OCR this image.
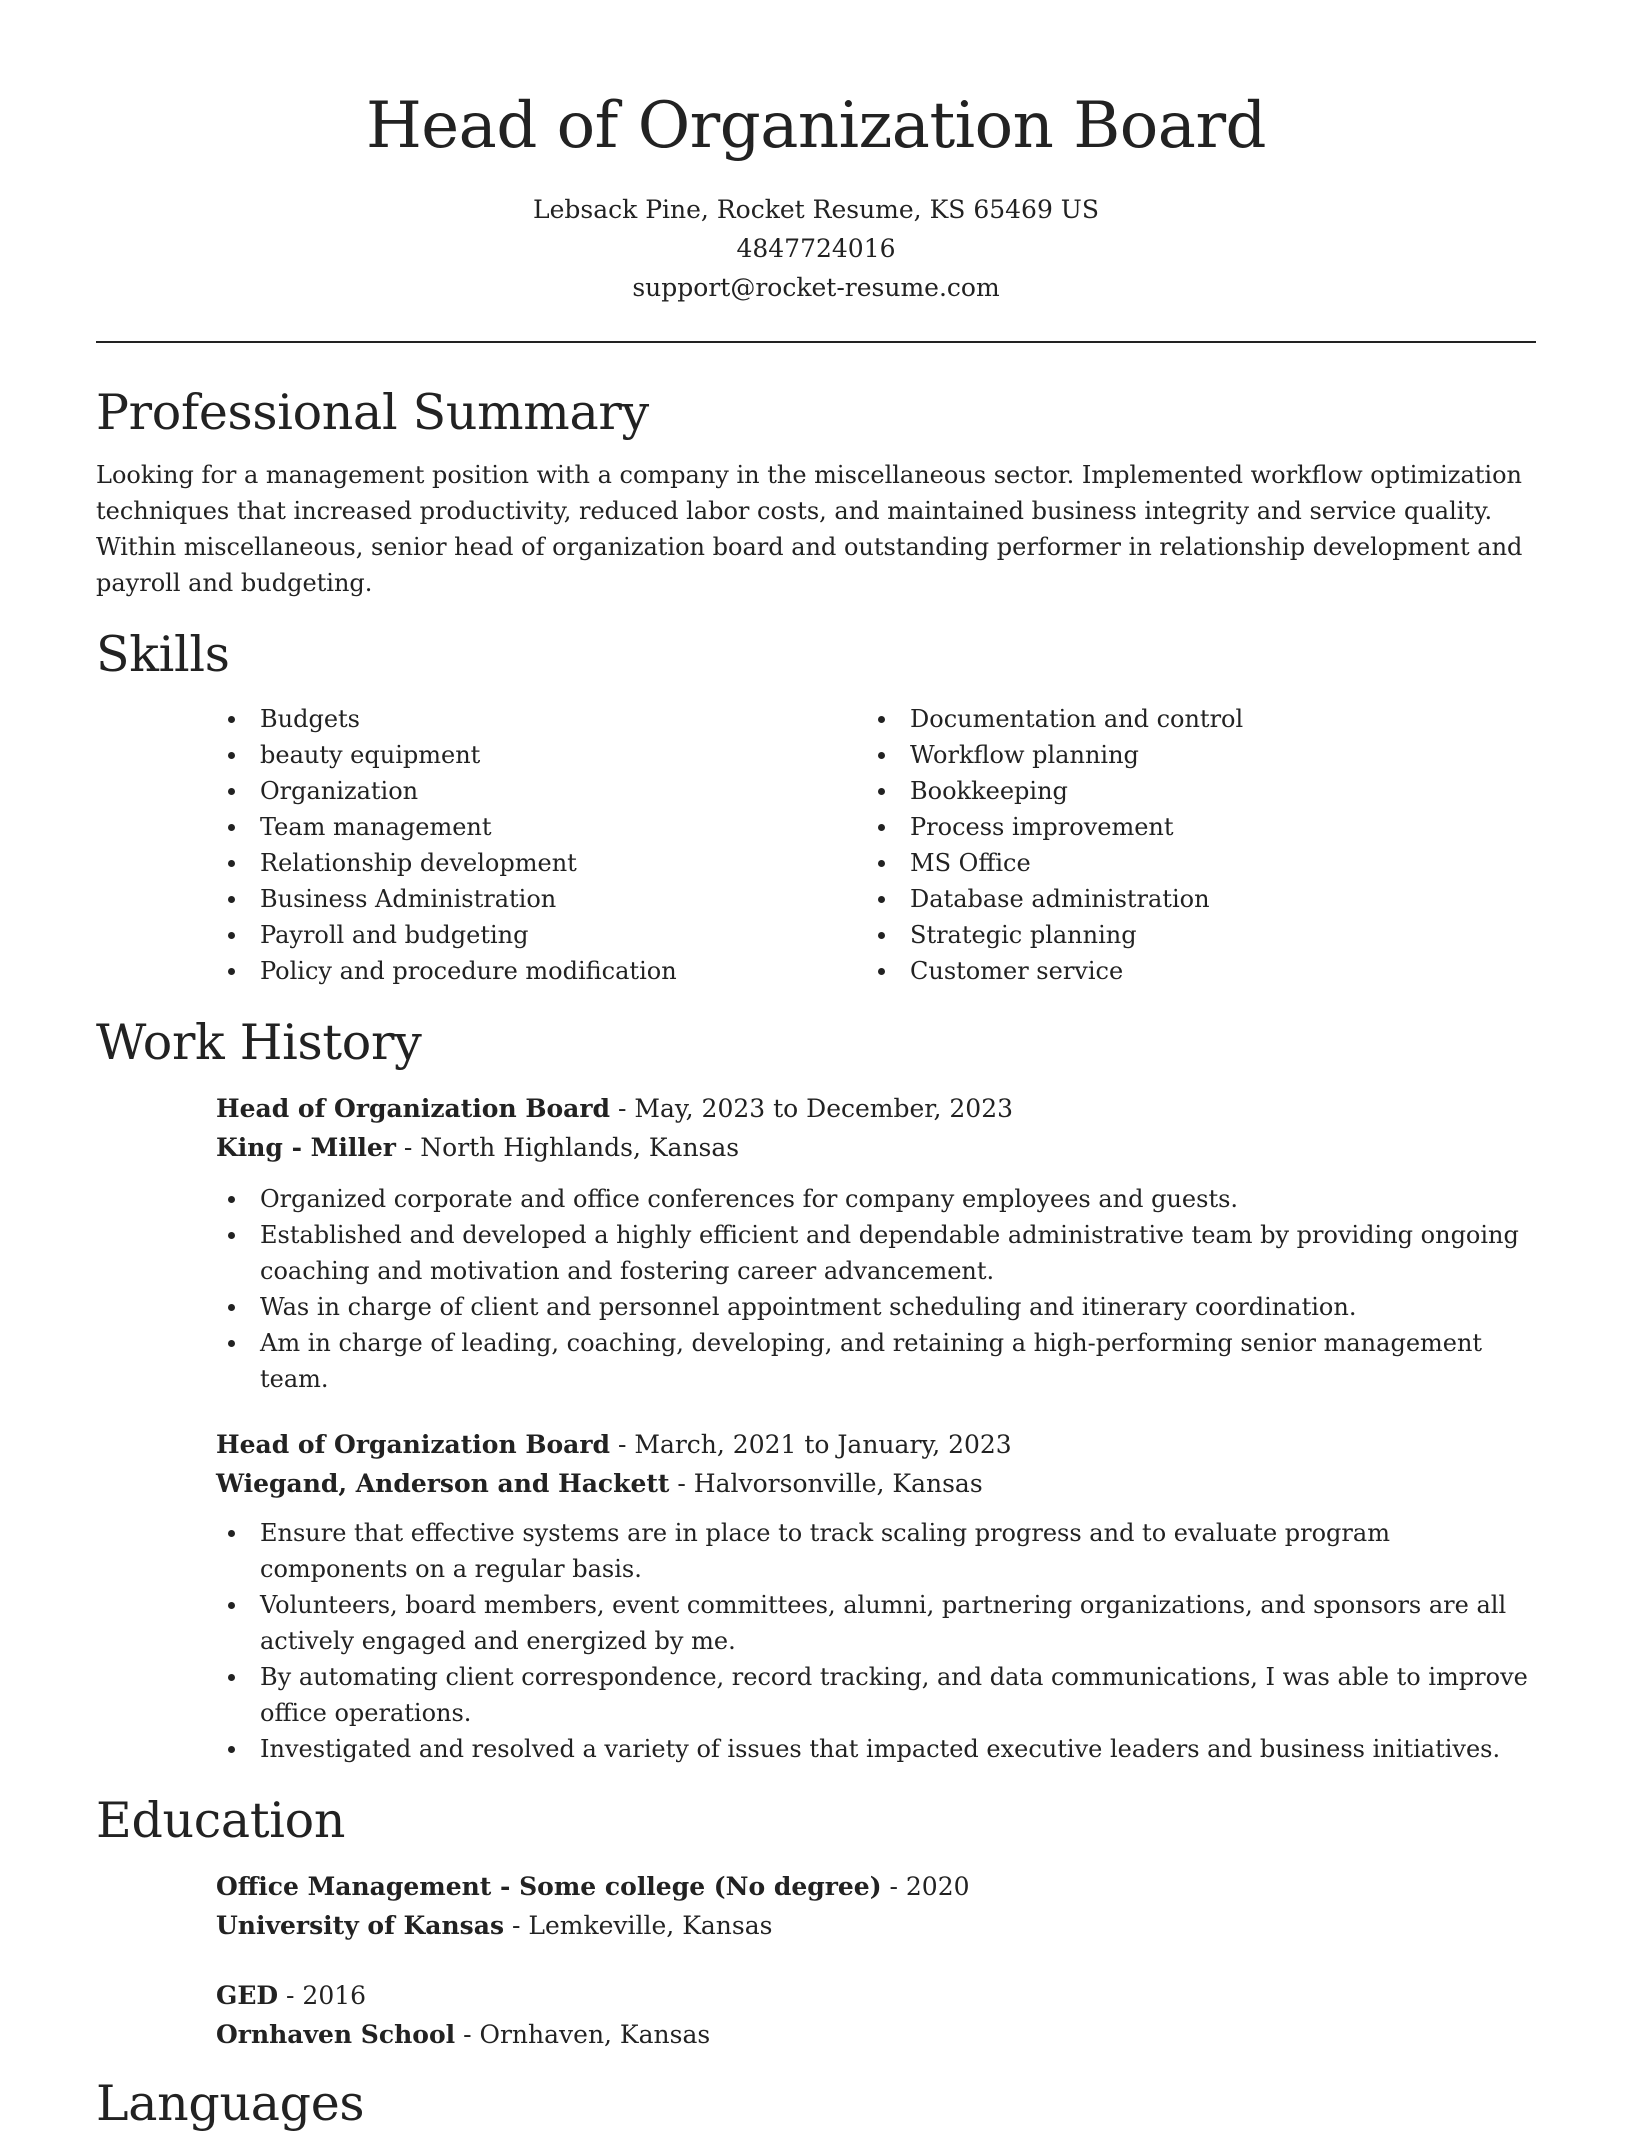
Head of Organization Board
Lebsack Pine, Rocket Resume, KS 65469 US
4847724016
support@rocket-resume.com
Professional Summary

Looking for a management position with a company in the miscellaneous sector. Implemented workflow optimization techniques that increased productivity, reduced labor costs, and maintained business integrity and service quality. Within miscellaneous, senior head of organization board and outstanding performer in relationship development and payroll and budgeting.

Skills
Budgets
beauty equipment
Organization
Team management
Relationship development
Business Administration
Payroll and budgeting
Policy and procedure modification
Documentation and control
Workflow planning
Bookkeeping
Process improvement
MS Office
Database administration
Strategic planning
Customer service
Work History
Head of Organization Board - May, 2023 to December, 2023
King - Miller - North Highlands, Kansas
Organized corporate and office conferences for company employees and guests.
Established and developed a highly efficient and dependable administrative team by providing ongoing coaching and motivation and fostering career advancement.
Was in charge of client and personnel appointment scheduling and itinerary coordination.
Am in charge of leading, coaching, developing, and retaining a high-performing senior management team.
Head of Organization Board - March, 2021 to January, 2023
Wiegand, Anderson and Hackett - Halvorsonville, Kansas
Ensure that effective systems are in place to track scaling progress and to evaluate program components on a regular basis.
Volunteers, board members, event committees, alumni, partnering organizations, and sponsors are all actively engaged and energized by me.
By automating client correspondence, record tracking, and data communications, I was able to improve office operations.
Investigated and resolved a variety of issues that impacted executive leaders and business initiatives.
Education
Office Management - Some college (No degree) - 2020
University of Kansas - Lemkeville, Kansas
GED - 2016
Ornhaven School - Ornhaven, Kansas
Languages
